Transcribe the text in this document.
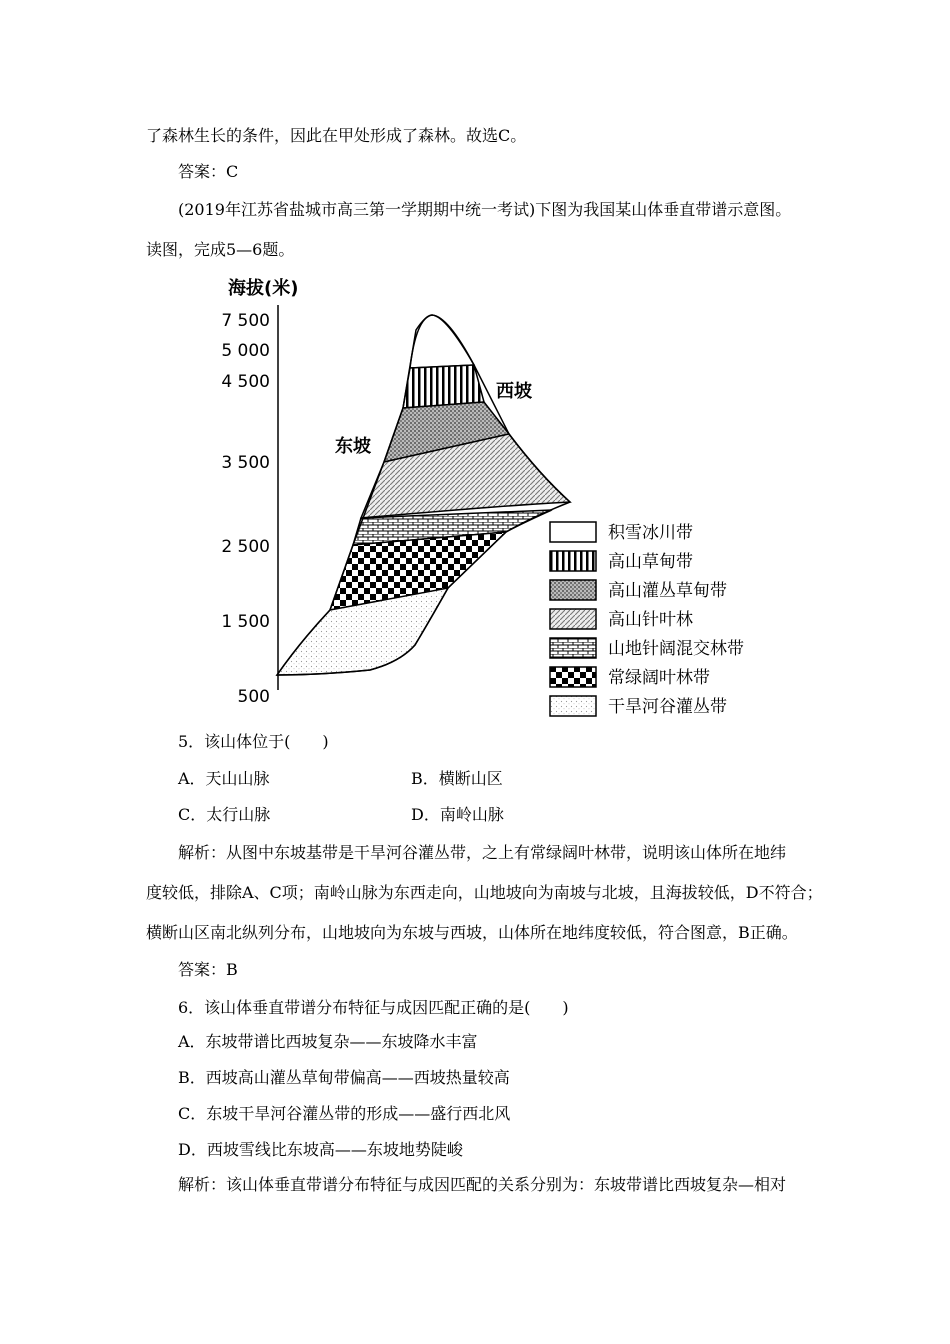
了森林生长的条件，因此在甲处形成了森林。故选C。
答案：C
(2019年江苏省盐城市高三第一学期期中统一考试)下图为我国某山体垂直带谱示意图。
读图，完成5—6题。
海拔(米)
7 500
5 000
4 500
3 500
2 500
1 500
500
西坡
东坡
积雪冰川带
高山草甸带
高山灌丛草甸带
高山针叶林
山地针阔混交林带
常绿阔叶林带
干旱河谷灌丛带
5．该山体位于(　　)
A．天山山脉	B．横断山区
C．太行山脉	D．南岭山脉
解析：从图中东坡基带是干旱河谷灌丛带，之上有常绿阔叶林带，说明该山体所在地纬
度较低，排除A、C项；南岭山脉为东西走向，山地坡向为南坡与北坡，且海拔较低，D不符合；
横断山区南北纵列分布，山地坡向为东坡与西坡，山体所在地纬度较低，符合图意，B正确。
答案：B
6．该山体垂直带谱分布特征与成因匹配正确的是(　　)
A．东坡带谱比西坡复杂——东坡降水丰富
B．西坡高山灌丛草甸带偏高——西坡热量较高
C．东坡干旱河谷灌丛带的形成——盛行西北风
D．西坡雪线比东坡高——东坡地势陡峻
解析：该山体垂直带谱分布特征与成因匹配的关系分别为：东坡带谱比西坡复杂—相对
